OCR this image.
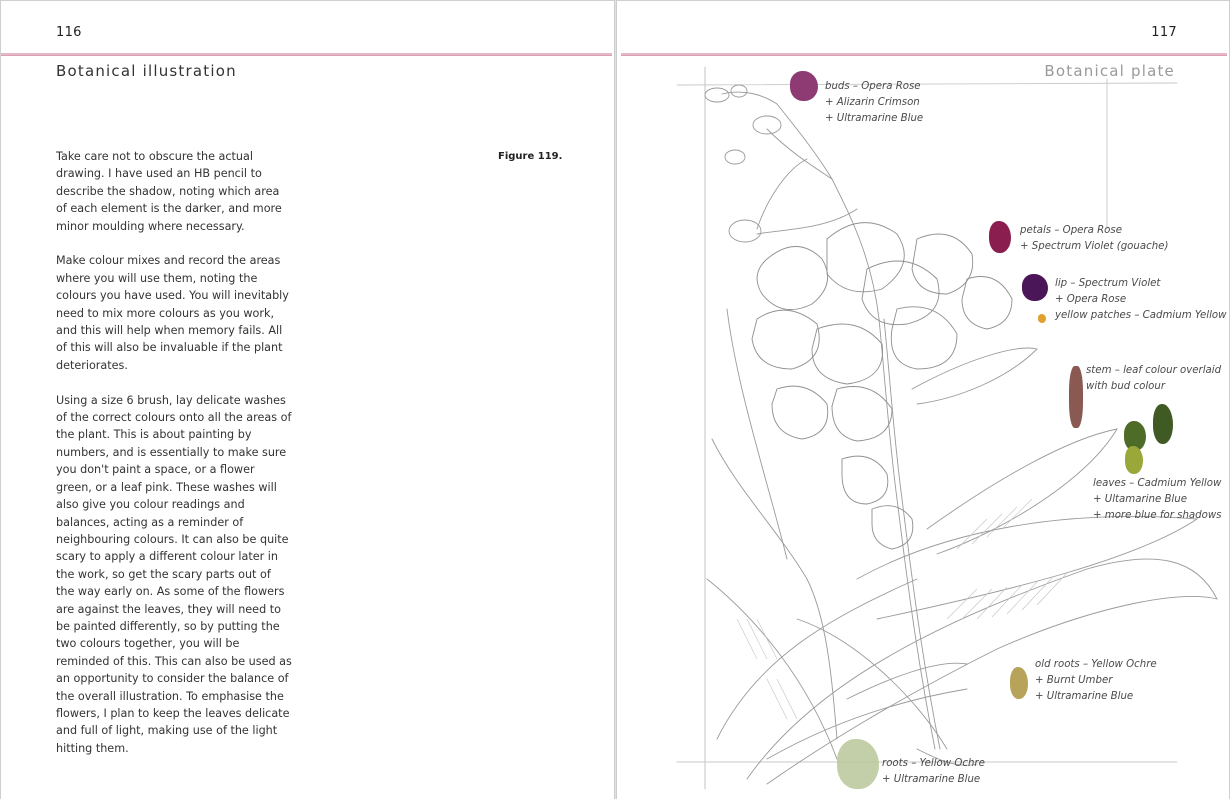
116
Botanical illustration

Take care not to obscure the actual drawing. I have used an HB pencil to describe the shadow, noting which area of each element is the darker, and more minor moulding where necessary.

Make colour mixes and record the areas where you will use them, noting the colours you have used. You will inevitably need to mix more colours as you work, and this will help when memory fails. All of this will also be invaluable if the plant deteriorates.

Using a size 6 brush, lay delicate washes of the correct colours onto all the areas of the plant. This is about painting by numbers, and is essentially to make sure you don't paint a space, or a flower green, or a leaf pink. These washes will also give you colour readings and balances, acting as a reminder of neighbouring colours. It can also be quite scary to apply a different colour later in the work, so get the scary parts out of the way early on. As some of the flowers are against the leaves, they will need to be painted differently, so by putting the two colours together, you will be reminded of this. This can also be used as an opportunity to consider the balance of the overall illustration. To emphasise the flowers, I plan to keep the leaves delicate and full of light, making use of the light hitting them.

Figure 119.
117
Botanical plate
buds – Opera Rose
+ Alizarin Crimson
+ Ultramarine Blue
petals – Opera Rose
+ Spectrum Violet (gouache)
lip – Spectrum Violet
+ Opera Rose
yellow patches – Cadmium Yellow
stem – leaf colour overlaid
with bud colour
leaves – Cadmium Yellow
+ Ultamarine Blue
+ more blue for shadows
old roots – Yellow Ochre
+ Burnt Umber
+ Ultramarine Blue
roots – Yellow Ochre
+ Ultramarine Blue
